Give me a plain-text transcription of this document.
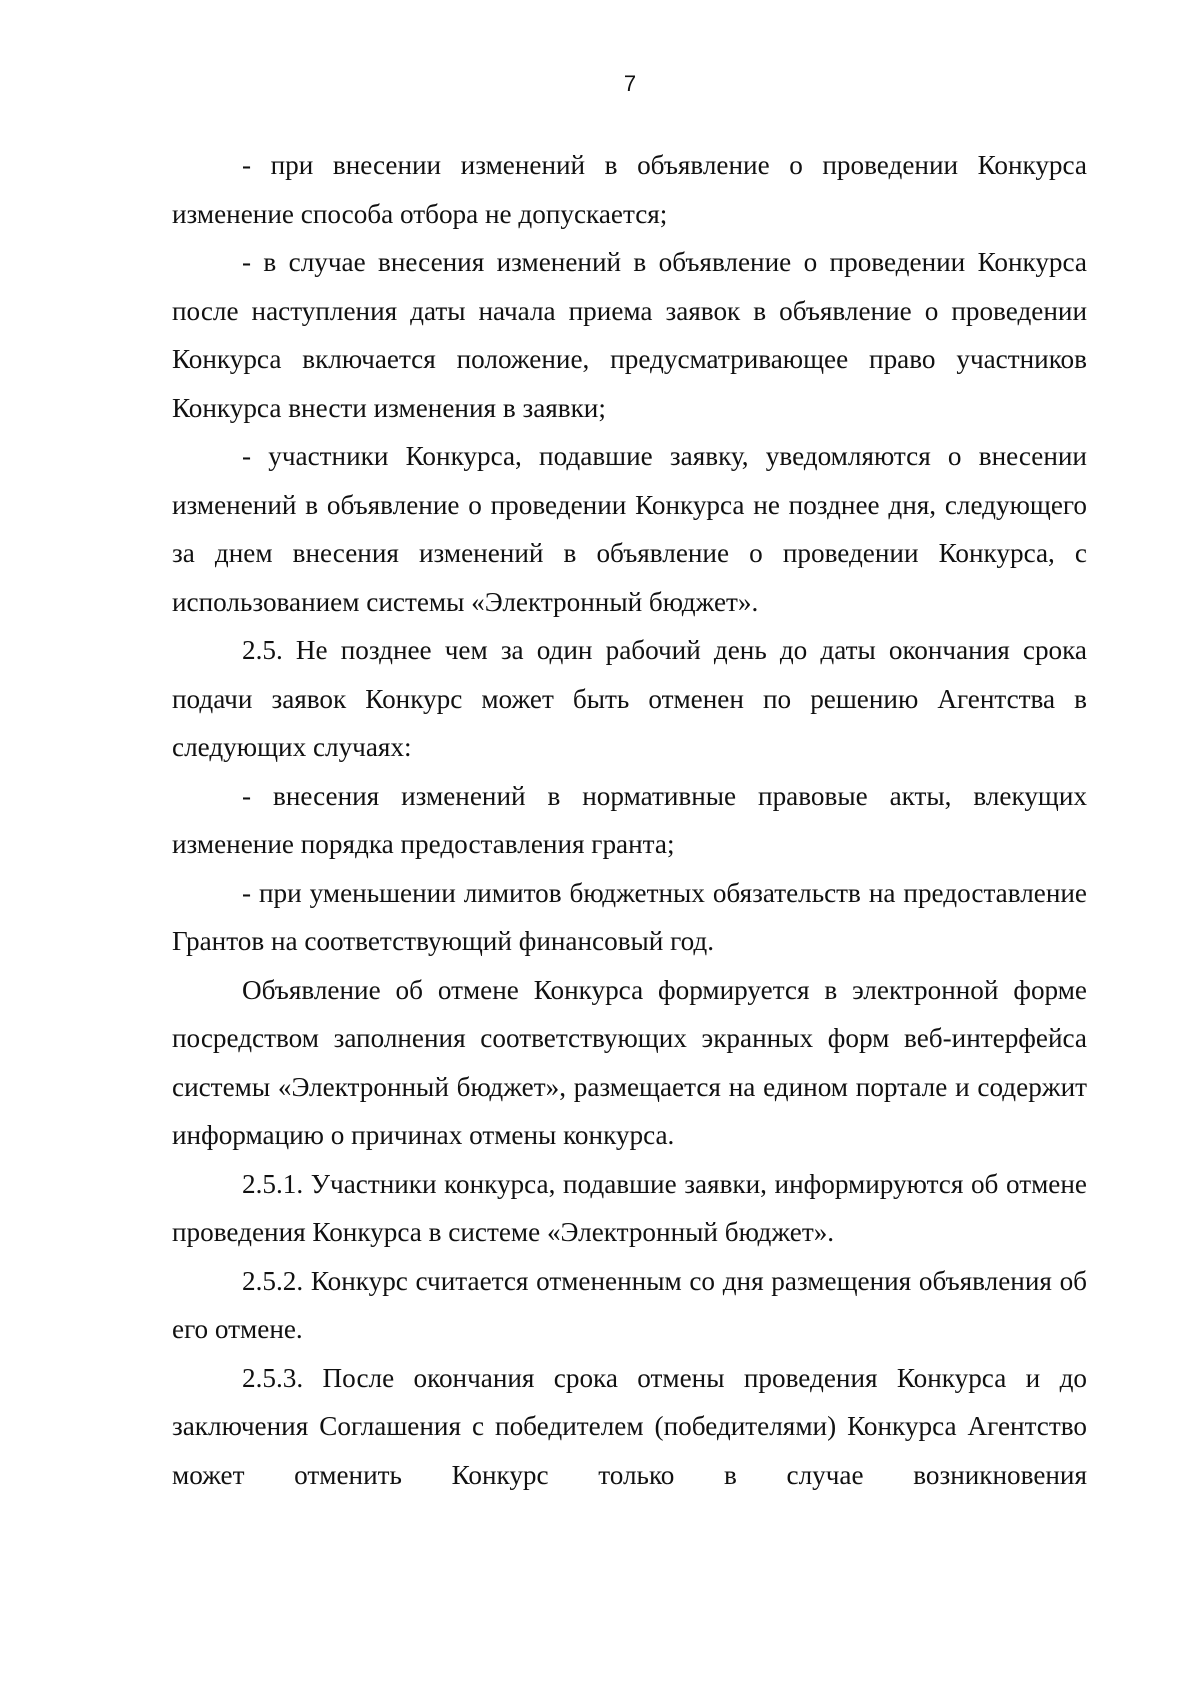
7

- при внесении изменений в объявление о проведении Конкурса изменение способа отбора не допускается;

- в случае внесения изменений в объявление о проведении Конкурса после наступления даты начала приема заявок в объявление о проведении Конкурса включается положение, предусматривающее право участников Конкурса внести изменения в заявки;

- участники Конкурса, подавшие заявку, уведомляются о внесении изменений в объявление о проведении Конкурса не позднее дня, следующего за днем внесения изменений в объявление о проведении Конкурса, с использованием системы «Электронный бюджет».

2.5. Не позднее чем за один рабочий день до даты окончания срока подачи заявок Конкурс может быть отменен по решению Агентства в следующих случаях:

- внесения изменений в нормативные правовые акты, влекущих изменение порядка предоставления гранта;

- при уменьшении лимитов бюджетных обязательств на предоставление Грантов на соответствующий финансовый год.

Объявление об отмене Конкурса формируется в электронной форме посредством заполнения соответствующих экранных форм веб-интерфейса системы «Электронный бюджет», размещается на едином портале и содержит информацию о причинах отмены конкурса.

2.5.1. Участники конкурса, подавшие заявки, информируются об отмене проведения Конкурса в системе «Электронный бюджет».

2.5.2. Конкурс считается отмененным со дня размещения объявления об его отмене.

2.5.3. После окончания срока отмены проведения Конкурса и до заключения Соглашения с победителем (победителями) Конкурса Агентство может отменить Конкурс только в случае возникновения
